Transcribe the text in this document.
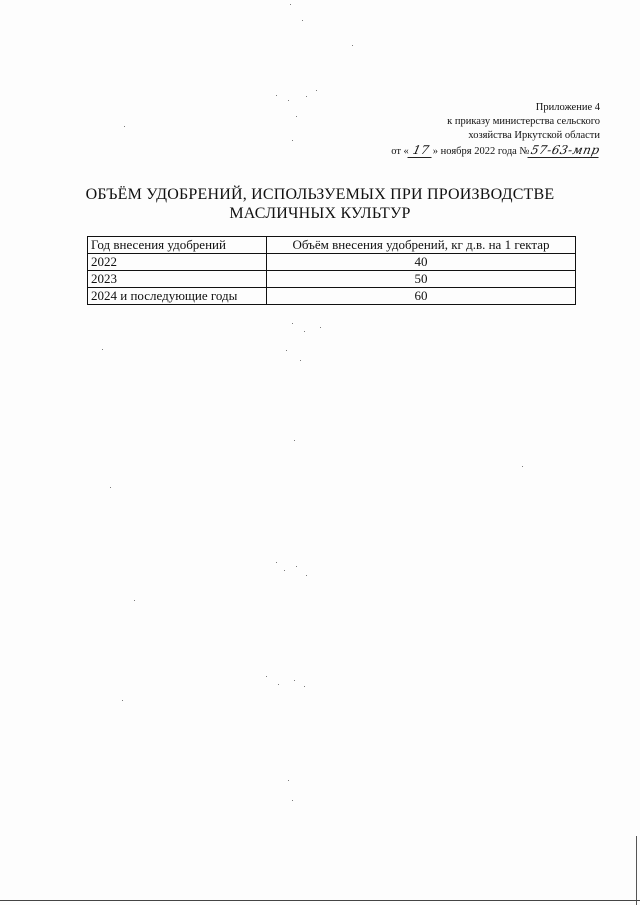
Приложение 4
к приказу министерства сельского
хозяйства Иркутской области
от « 17 » ноября 2022 года №57-63-мпр
ОБЪЁМ УДОБРЕНИЙ, ИСПОЛЬЗУЕМЫХ ПРИ ПРОИЗВОДСТВЕ
МАСЛИЧНЫХ КУЛЬТУР
Год внесения удобрений	Объём внесения удобрений, кг д.в. на 1 гектар
2022	40
2023	50
2024 и последующие годы	60
